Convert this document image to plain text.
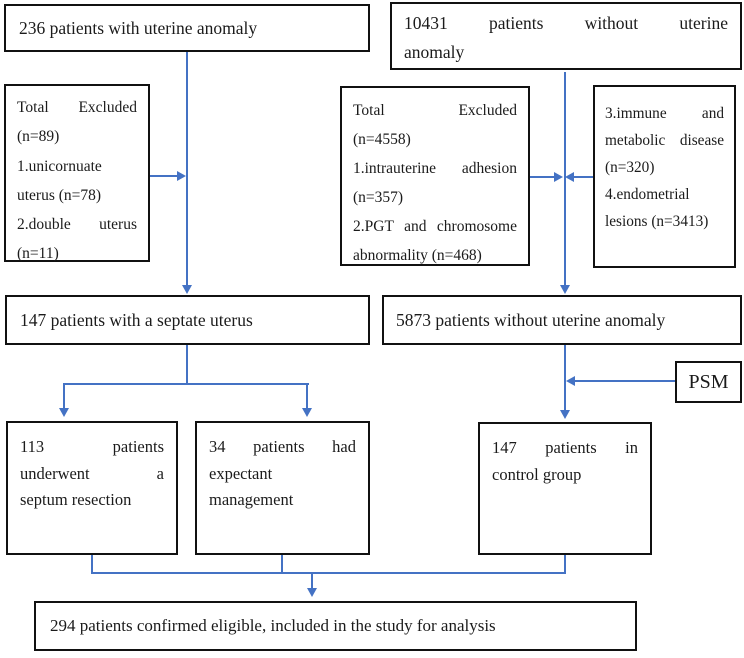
236 patients with uterine anomaly	10431 patients without uterine
anomaly
Total Excluded
(n=89)
1.unicornuate
uterus (n=78)
2.double uterus
(n=11)
Total Excluded
(n=4558)
1.intrauterine adhesion
(n=357)
2.PGT and chromosome
abnormality (n=468)
3.immune and
metabolic disease
(n=320)
4.endometrial
lesions (n=3413)
147 patients with a septate uterus	5873 patients without uterine anomaly
PSM
113 patients
underwent a
septum resection
34 patients had
expectant
management
147 patients in
control group
294 patients confirmed eligible, included in the study for analysis
